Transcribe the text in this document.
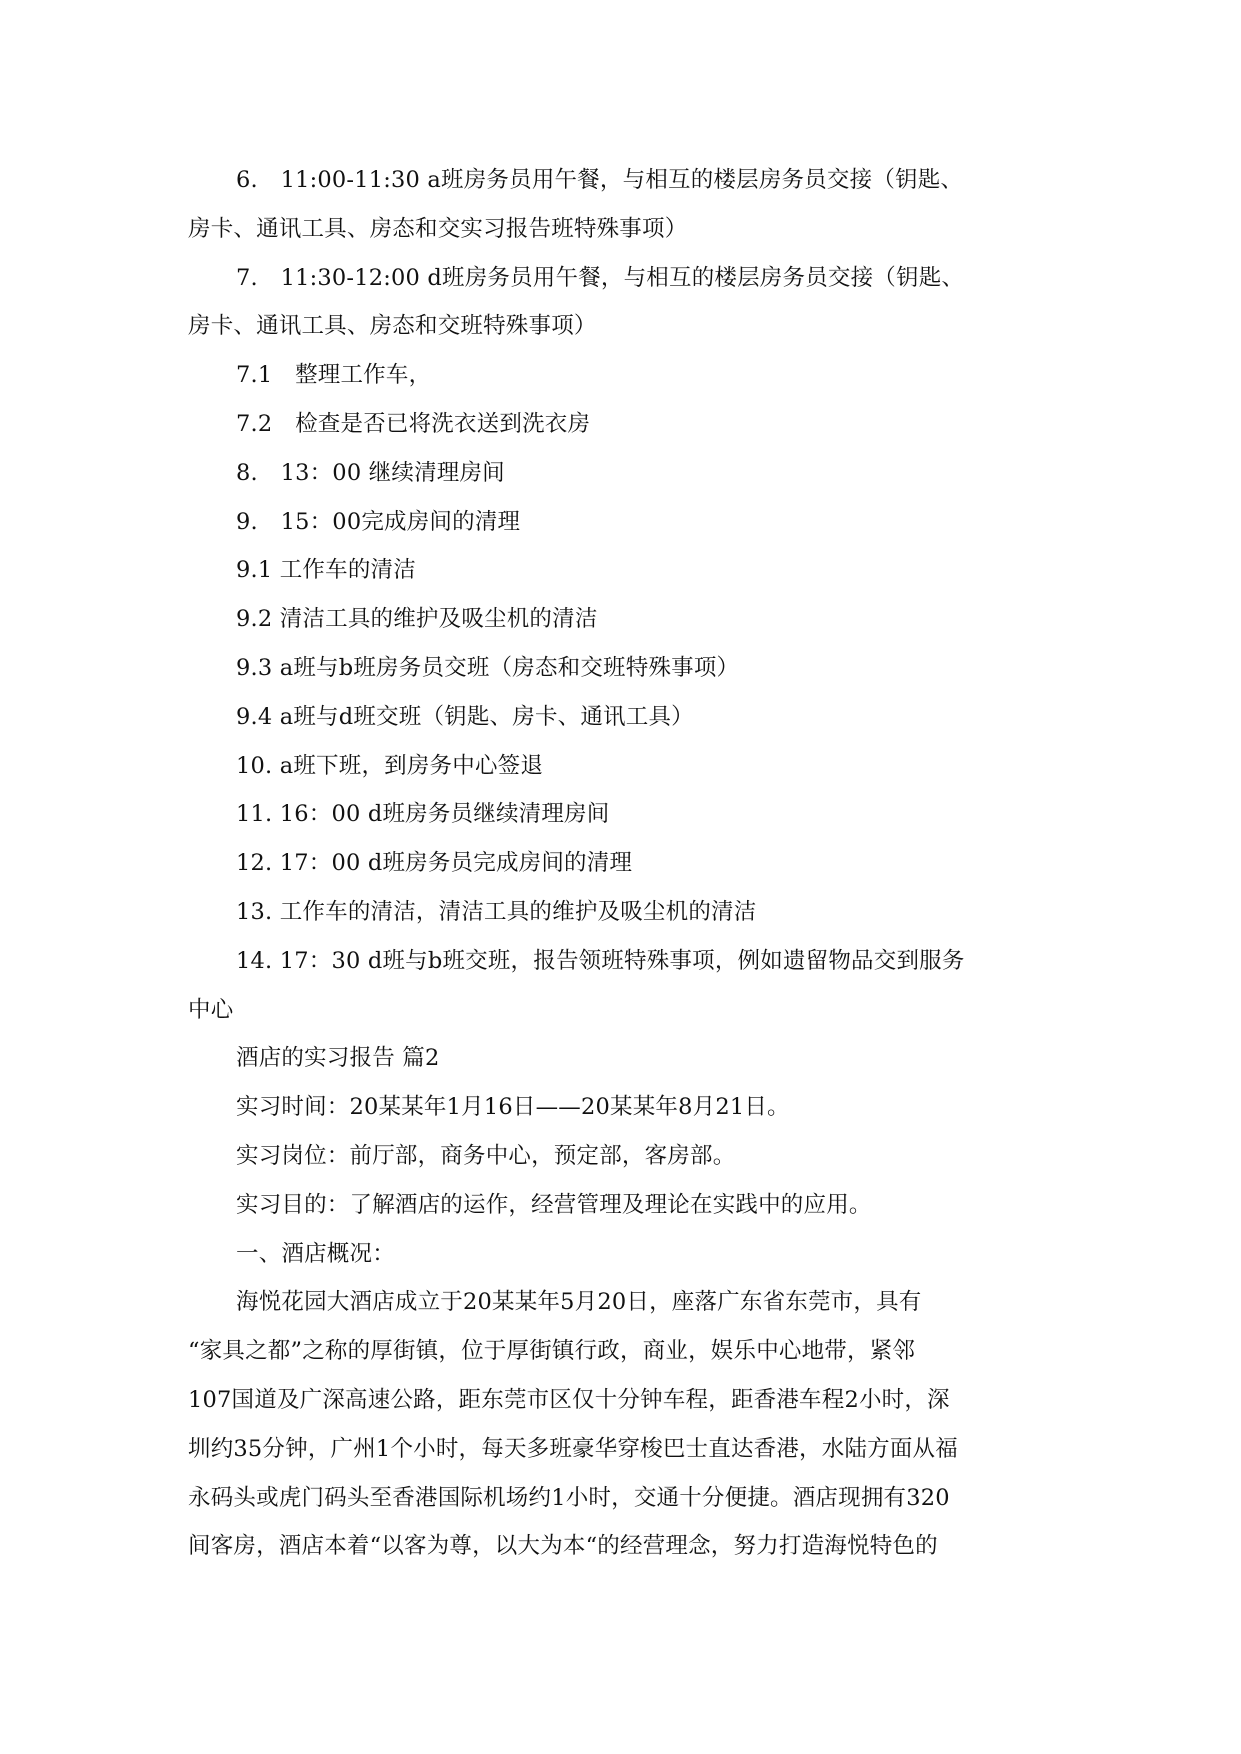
6.　11:00-11:30 a班房务员用午餐，与相互的楼层房务员交接（钥匙、
房卡、通讯工具、房态和交实习报告班特殊事项）
7.　11:30-12:00 d班房务员用午餐，与相互的楼层房务员交接（钥匙、
房卡、通讯工具、房态和交班特殊事项）
7.1　整理工作车，
7.2　检查是否已将洗衣送到洗衣房
8.　13：00 继续清理房间
9.　15：00完成房间的清理
9.1 工作车的清洁
9.2 清洁工具的维护及吸尘机的清洁
9.3 a班与b班房务员交班（房态和交班特殊事项）
9.4 a班与d班交班（钥匙、房卡、通讯工具）
10. a班下班，到房务中心签退
11. 16：00 d班房务员继续清理房间
12. 17：00 d班房务员完成房间的清理
13. 工作车的清洁，清洁工具的维护及吸尘机的清洁
14. 17：30 d班与b班交班，报告领班特殊事项，例如遗留物品交到服务
中心
酒店的实习报告 篇2
实习时间：20某某年1月16日——20某某年8月21日。
实习岗位：前厅部，商务中心，预定部，客房部。
实习目的：了解酒店的运作，经营管理及理论在实践中的应用。
一、酒店概况：
海悦花园大酒店成立于20某某年5月20日，座落广东省东莞市，具有
“家具之都”之称的厚街镇，位于厚街镇行政，商业，娱乐中心地带，紧邻
107国道及广深高速公路，距东莞市区仅十分钟车程，距香港车程2小时，深
圳约35分钟，广州1个小时，每天多班豪华穿梭巴士直达香港，水陆方面从福
永码头或虎门码头至香港国际机场约1小时，交通十分便捷。酒店现拥有320
间客房，酒店本着“以客为尊，以大为本“的经营理念，努力打造海悦特色的
